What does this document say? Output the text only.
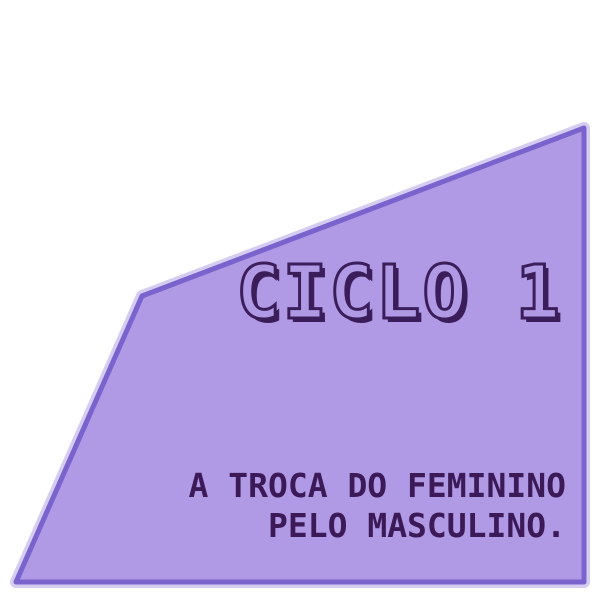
CICLO 1

A TROCA DO FEMININO
PELO MASCULINO.
